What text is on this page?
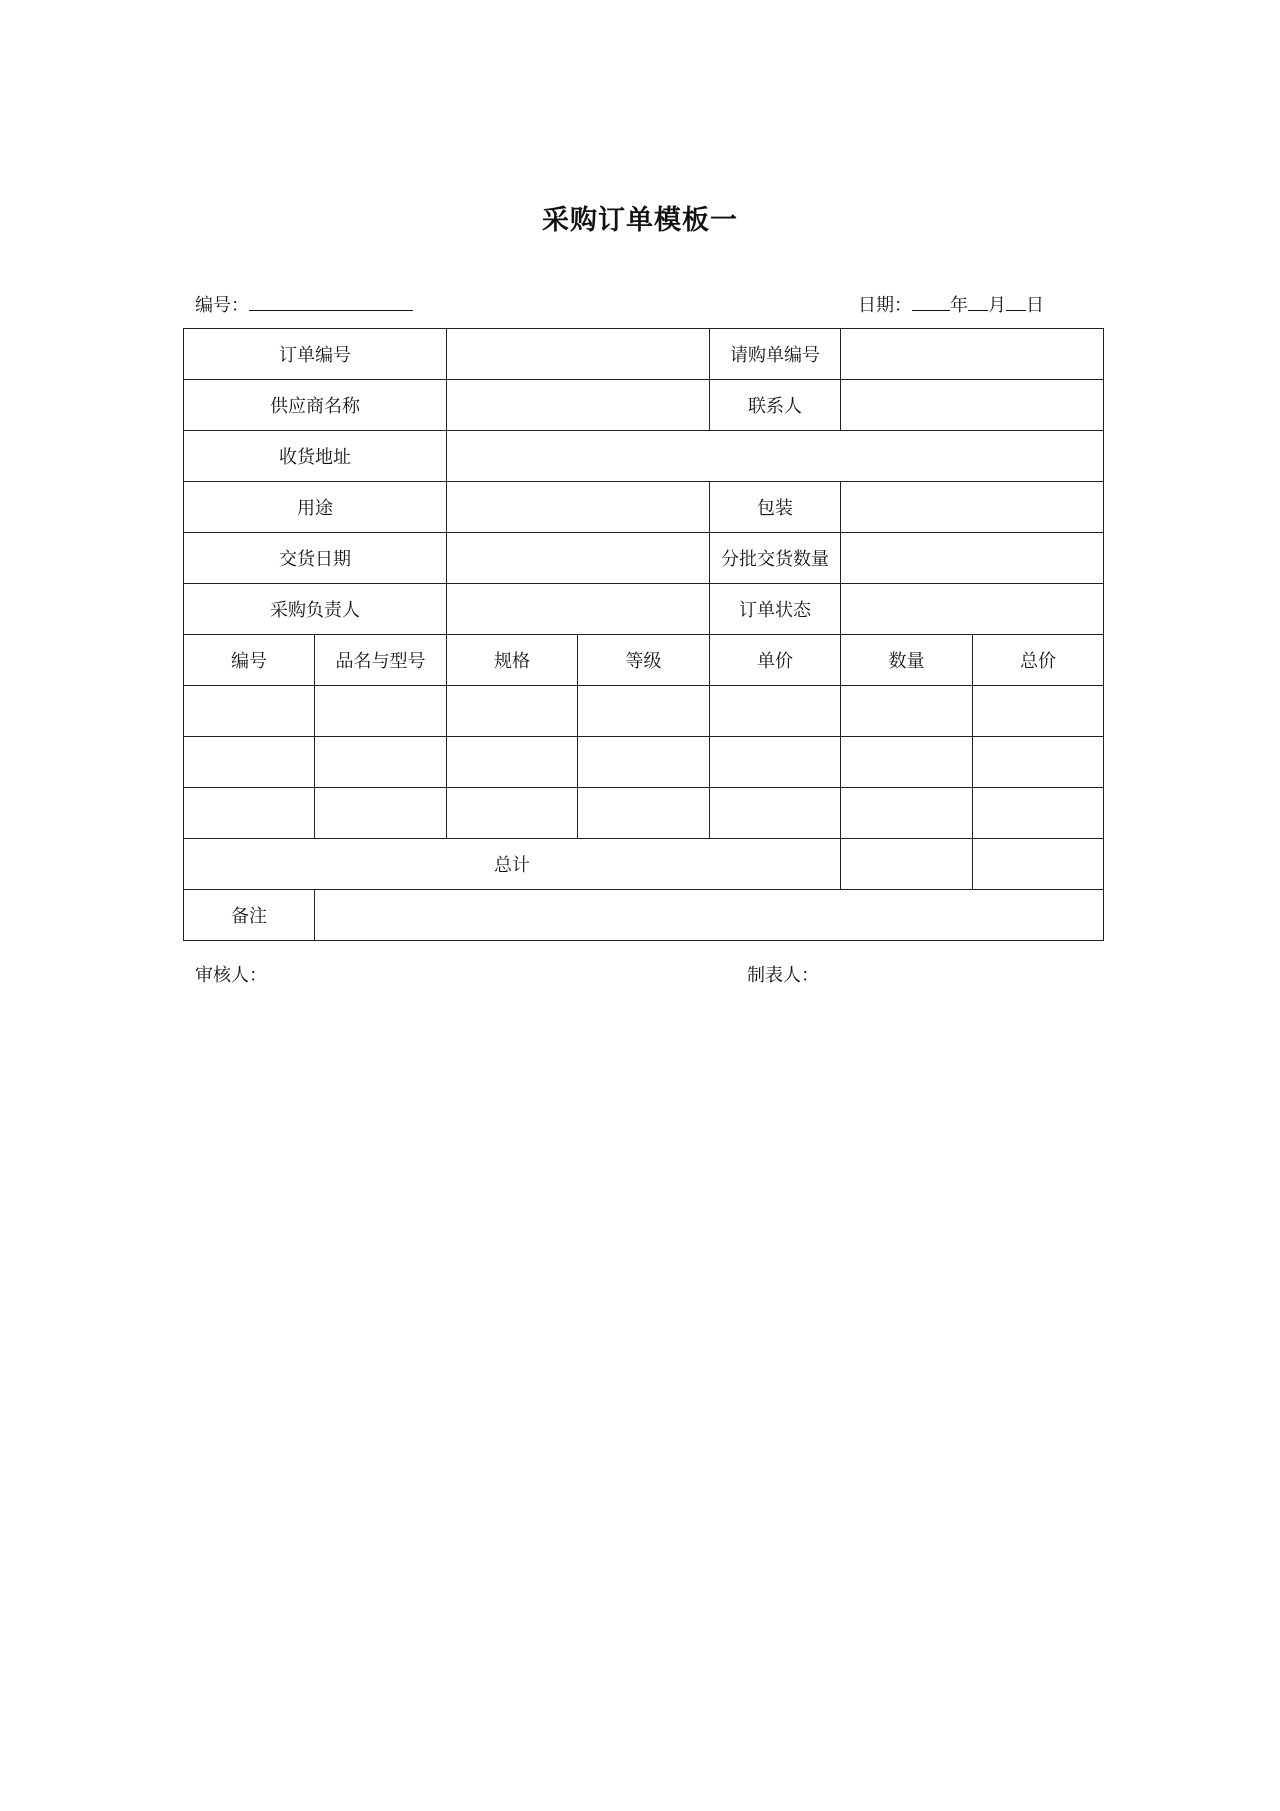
采购订单模板一
编号：	日期： 年 月 日
订单编号				请购单编号		
供应商名称				联系人		
收货地址						
用途				包装		
交货日期				分批交货数量		
采购负责人				订单状态		
编号	品名与型号	规格	等级	单价	数量	总价

总计						
备注						
审核人：	制表人：
